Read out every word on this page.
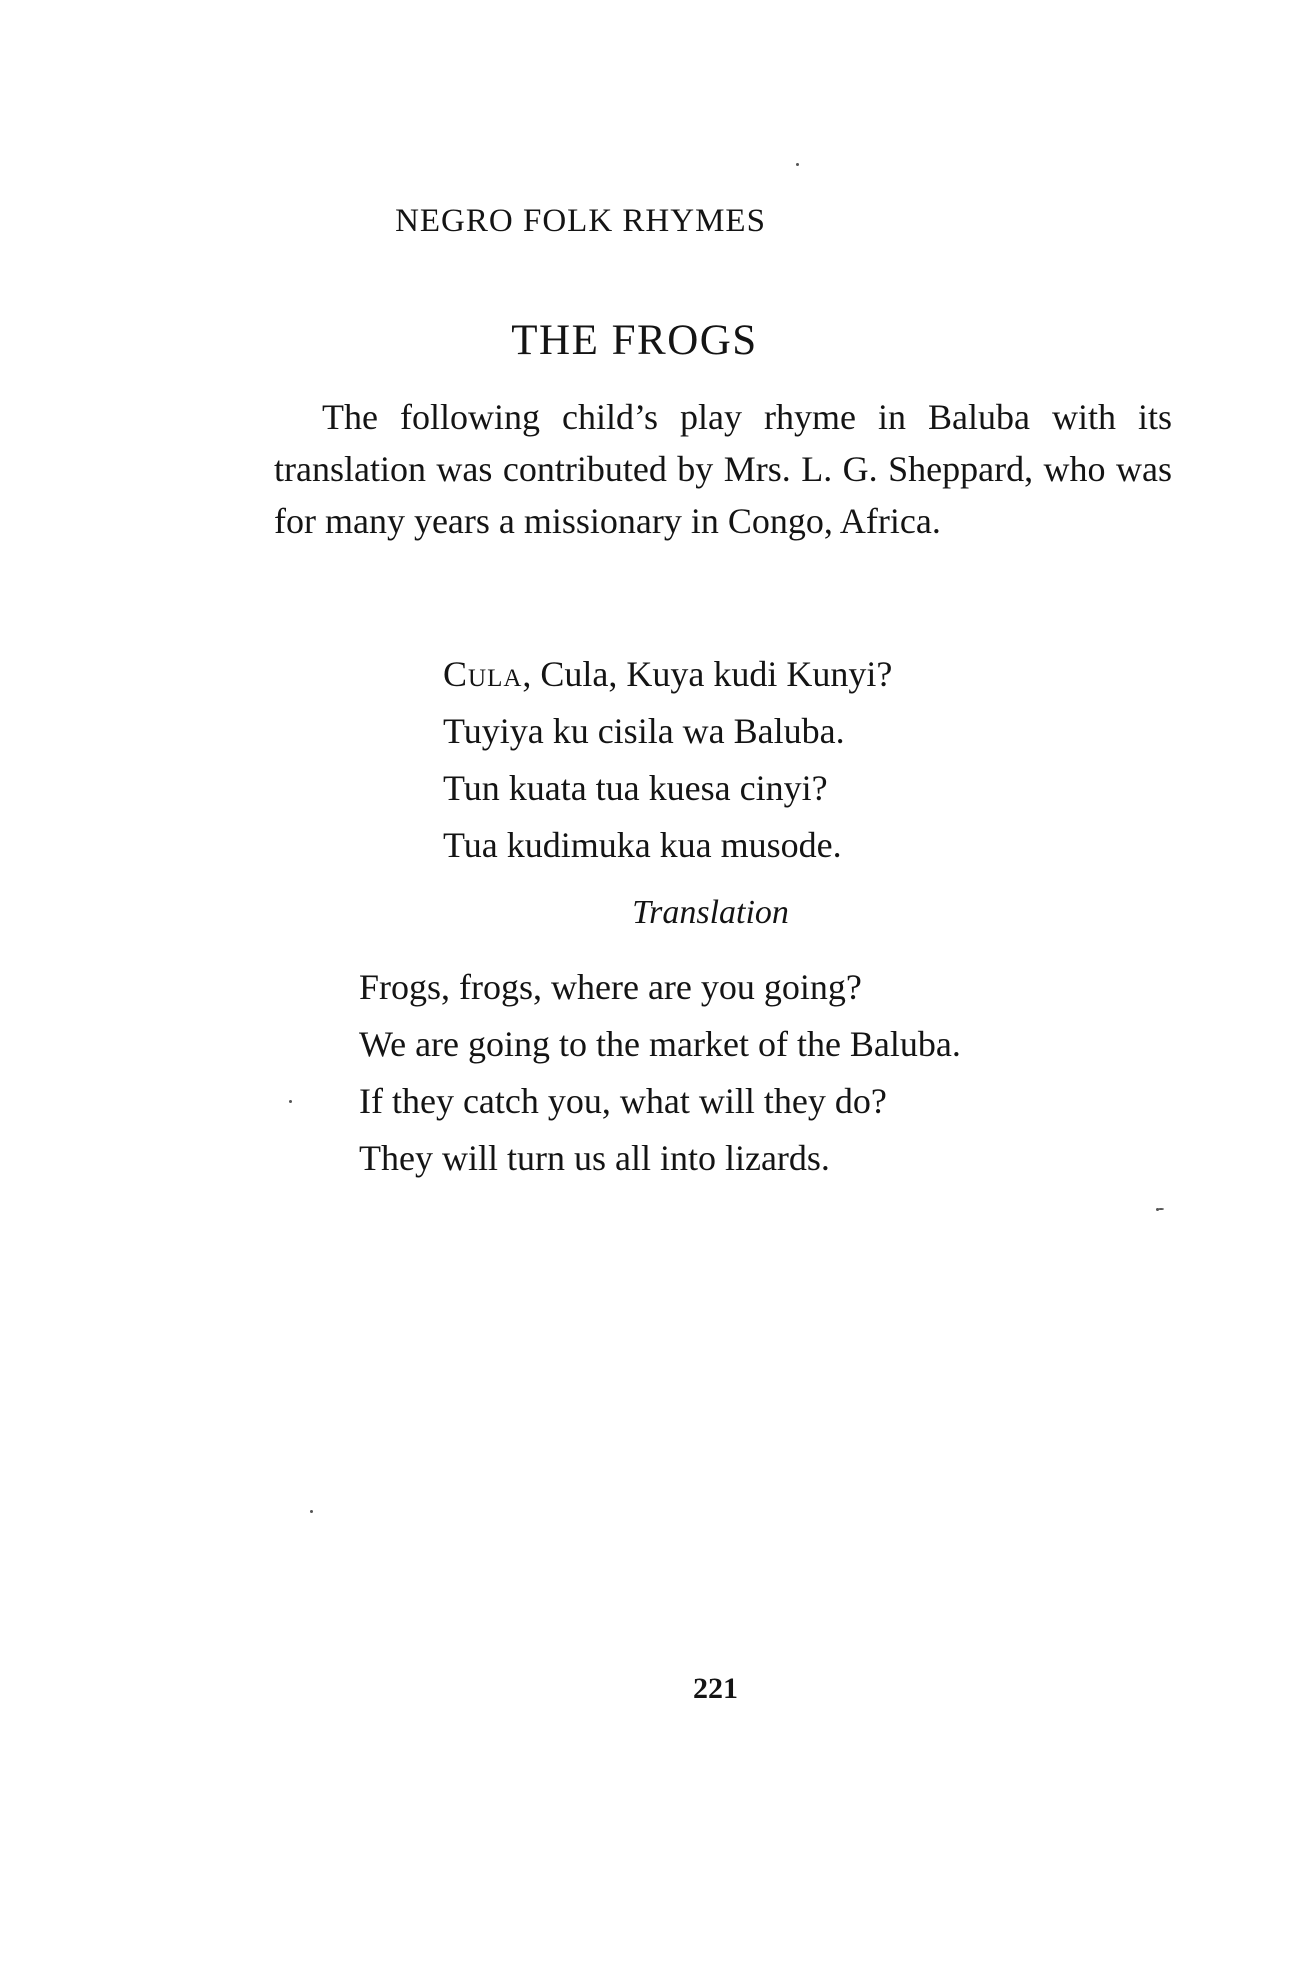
NEGRO FOLK RHYMES
THE FROGS

The following child’s play rhyme in Baluba with its translation was contributed by Mrs. L. G. Sheppard, who was for many years a missionary in Congo, Africa.

Cula, Cula, Kuya kudi Kunyi?
Tuyiya ku cisila wa Baluba.
Tun kuata tua kuesa cinyi?
Tua kudimuka kua musode.
Translation
Frogs, frogs, where are you going?
We are going to the market of the Baluba.
If they catch you, what will they do?
They will turn us all into lizards.
221
